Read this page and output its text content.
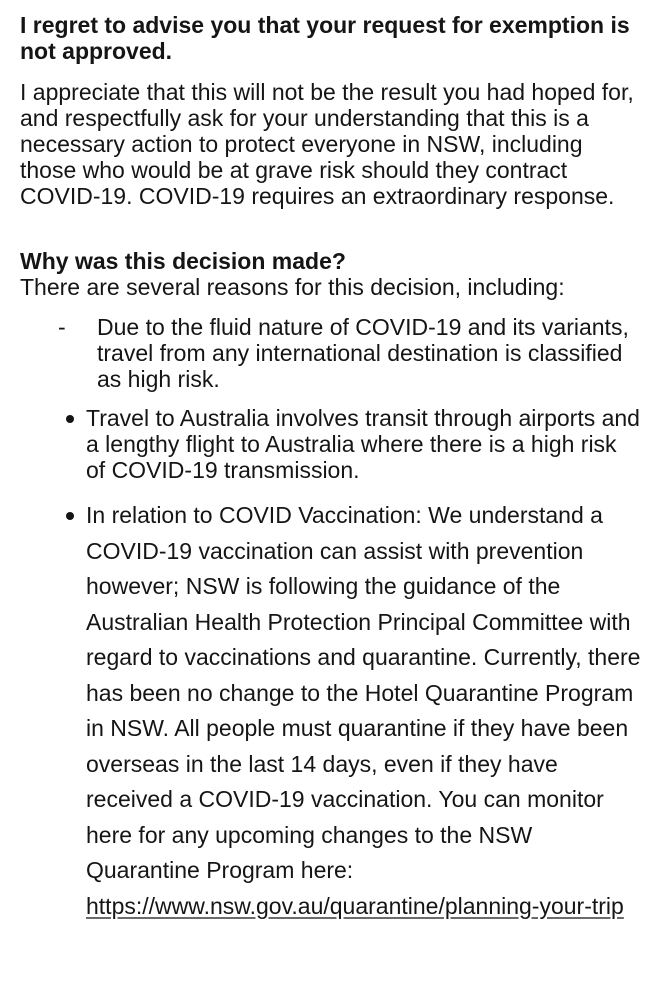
I regret to advise you that your request for exemption is not approved.

I appreciate that this will not be the result you had hoped for, and respectfully ask for your understanding that this is a necessary action to protect everyone in NSW, including those who would be at grave risk should they contract COVID-19. COVID-19 requires an extraordinary response.

Why was this decision made?

There are several reasons for this decision, including:

- Due to the fluid nature of COVID-19 and its variants, travel from any international destination is classified as high risk.
Travel to Australia involves transit through airports and a lengthy flight to Australia where there is a high risk of COVID-19 transmission.
In relation to COVID Vaccination: We understand a COVID-19 vaccination can assist with prevention however; NSW is following the guidance of the Australian Health Protection Principal Committee with regard to vaccinations and quarantine. Currently, there has been no change to the Hotel Quarantine Program in NSW. All people must quarantine if they have been overseas in the last 14 days, even if they have received a COVID-19 vaccination. You can monitor here for any upcoming changes to the NSW Quarantine Program here: https://www.nsw.gov.au/quarantine/planning-your-trip
